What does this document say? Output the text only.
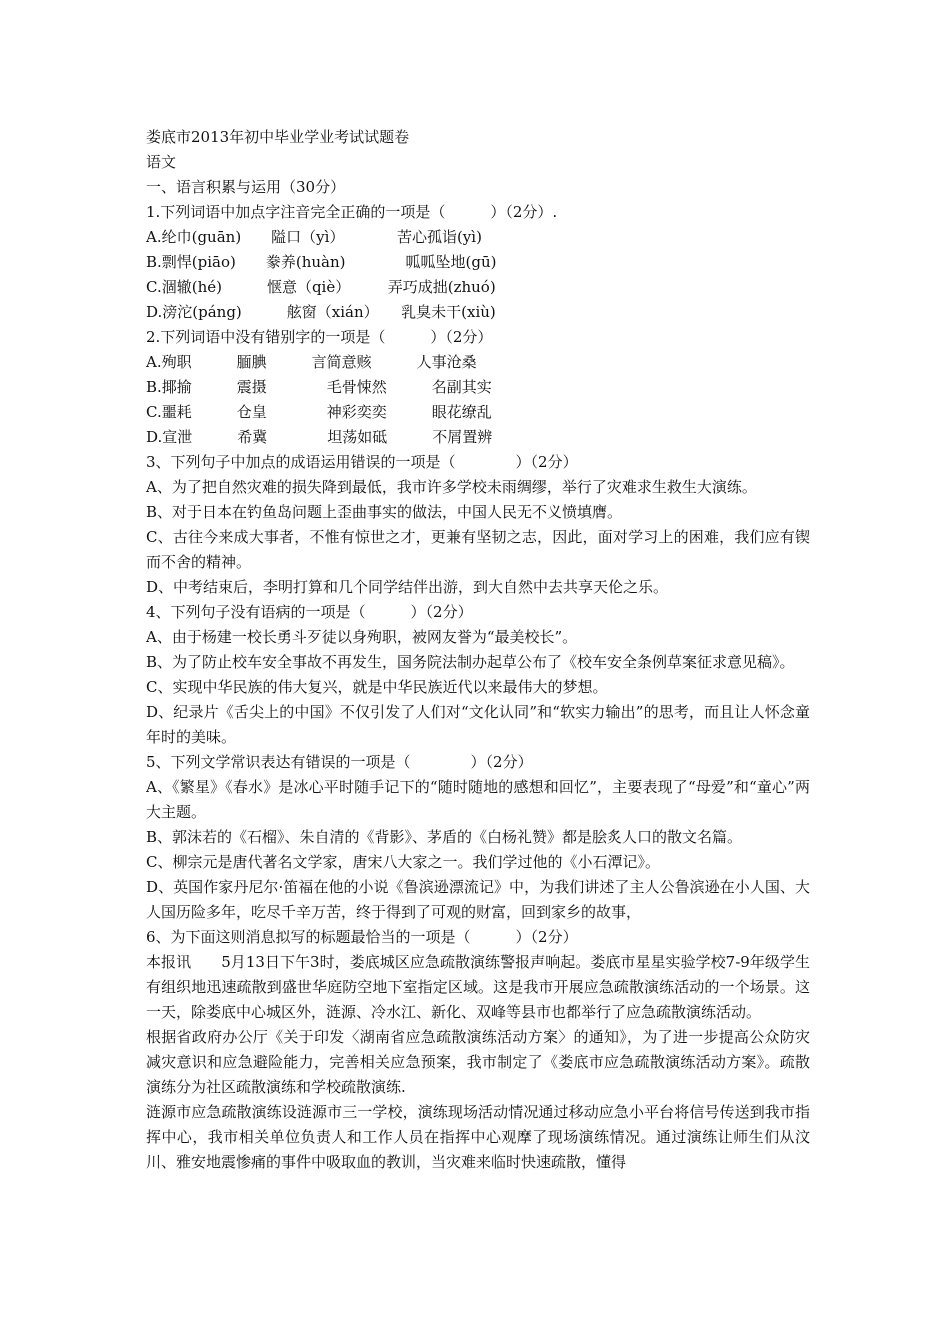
娄底市2013年初中毕业学业考试试题卷
语文
一、语言积累与运用（30分）
1.下列词语中加点字注音完全正确的一项是（　　　）（2分）.
A.纶巾(guān)　　隘口（yì）　　　　苦心孤诣(yì)
B.剽悍(piāo)　　豢养(huàn)　　　　呱呱坠地(gū)
C.涸辙(hé)　　　惬意（qiè）　　　弄巧成拙(zhuó)
D.滂沱(páng)　　　舷窗（xián）　　乳臭未干(xiù)
2.下列词语中没有错别字的一项是（　　　）（2分）
A.殉职　　　腼腆　　　言简意赅　　　人事沧桑
B.揶揄　　　震摄　　　　毛骨悚然　　　名副其实
C.噩耗　　　仓皇　　　　神彩奕奕　　　眼花缭乱
D.宣泄　　　希冀　　　　坦荡如砥　　　不屑置辨
3、下列句子中加点的成语运用错误的一项是（　　　　）（2分）
A、为了把自然灾难的损失降到最低，我市许多学校未雨绸缪，举行了灾难求生救生大演练。
B、对于日本在钓鱼岛问题上歪曲事实的做法，中国人民无不义愤填膺。
C、古往今来成大事者，不惟有惊世之才，更兼有坚韧之志，因此，面对学习上的困难，我们应有锲而不舍的精神。
D、中考结束后，李明打算和几个同学结伴出游，到大自然中去共享天伦之乐。
4、下列句子没有语病的一项是（　　　）（2分）
A、由于杨建一校长勇斗歹徒以身殉职，被网友誉为“最美校长”。
B、为了防止校车安全事故不再发生，国务院法制办起草公布了《校车安全条例草案征求意见稿》。
C、实现中华民族的伟大复兴，就是中华民族近代以来最伟大的梦想。
D、纪录片《舌尖上的中国》不仅引发了人们对“文化认同”和“软实力输出”的思考，而且让人怀念童年时的美味。
5、下列文学常识表达有错误的一项是（　　　　）（2分）
A、《繁星》《春水》是冰心平时随手记下的“随时随地的感想和回忆”，主要表现了“母爱”和“童心”两大主题。
B、郭沫若的《石榴》、朱自清的《背影》、茅盾的《白杨礼赞》都是脍炙人口的散文名篇。
C、柳宗元是唐代著名文学家，唐宋八大家之一。我们学过他的《小石潭记》。
D、英国作家丹尼尔·笛福在他的小说《鲁滨逊漂流记》中，为我们讲述了主人公鲁滨逊在小人国、大人国历险多年，吃尽千辛万苦，终于得到了可观的财富，回到家乡的故事，
6、为下面这则消息拟写的标题最恰当的一项是（　　　）（2分）
本报讯　　5月13日下午3时，娄底城区应急疏散演练警报声响起。娄底市星星实验学校7-9年级学生有组织地迅速疏散到盛世华庭防空地下室指定区域。这是我市开展应急疏散演练活动的一个场景。这一天，除娄底中心城区外，涟源、冷水江、新化、双峰等县市也都举行了应急疏散演练活动。
根据省政府办公厅《关于印发〈湖南省应急疏散演练活动方案〉的通知》，为了进一步提高公众防灾减灾意识和应急避险能力，完善相关应急预案，我市制定了《娄底市应急疏散演练活动方案》。疏散演练分为社区疏散演练和学校疏散演练.
涟源市应急疏散演练设涟源市三一学校，演练现场活动情况通过移动应急小平台将信号传送到我市指挥中心，我市相关单位负责人和工作人员在指挥中心观摩了现场演练情况。通过演练让师生们从汶川、雅安地震惨痛的事件中吸取血的教训，当灾难来临时快速疏散，懂得
